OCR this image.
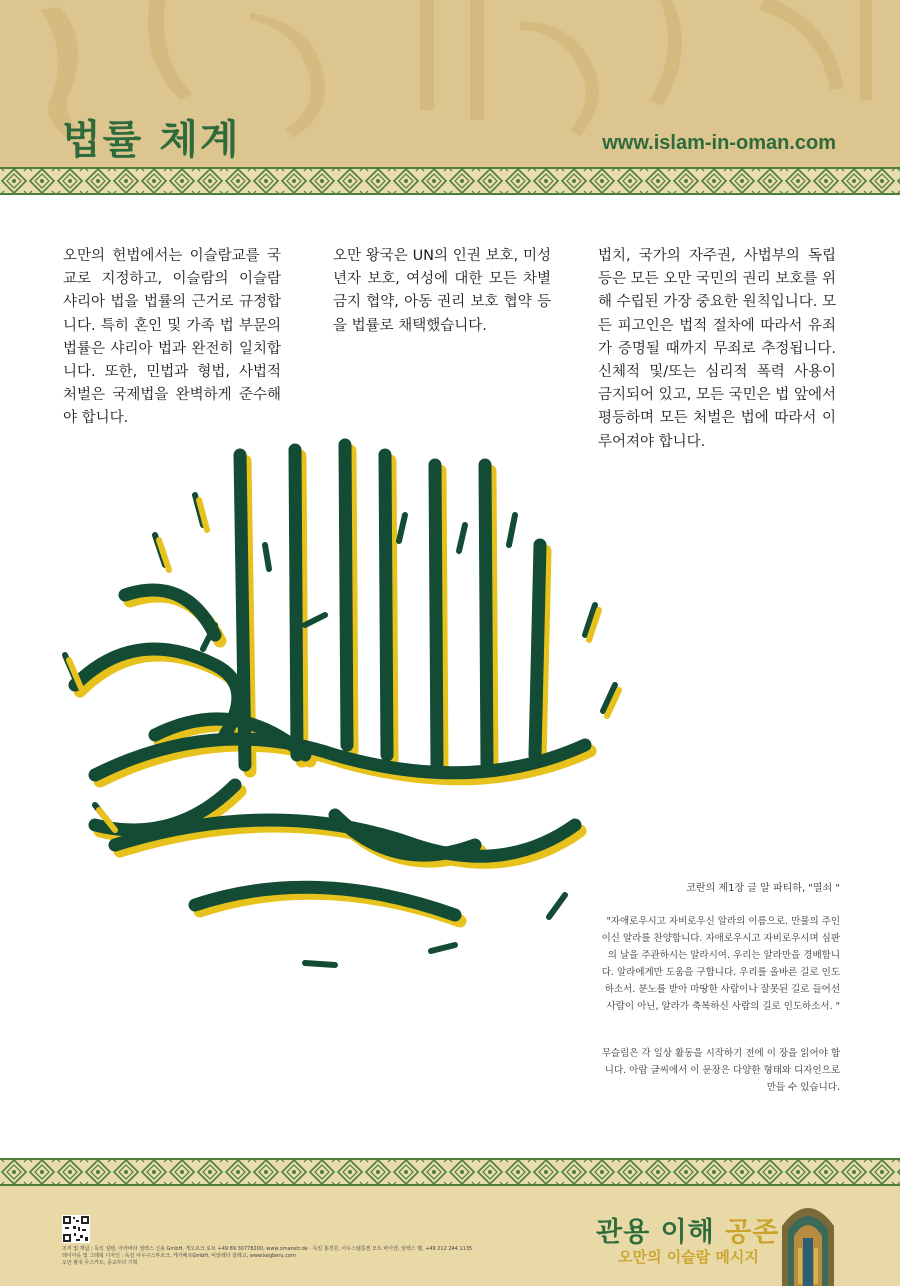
법률 체계	www.islam-in-oman.com

오만의 헌법에서는 이슬람교를 국교로 지정하고, 이슬람의 이슬람 샤리아 법을 법률의 근거로 규정합니다. 특히 혼인 및 가족 법 부문의 법률은 샤리아 법과 완전히 일치합니다. 또한, 민법과 형법, 사법적 처벌은 국제법을 완벽하게 준수해야 합니다.

오만 왕국은 UN의 인권 보호, 미성년자 보호, 여성에 대한 모든 차별 금지 협약, 아동 권리 보호 협약 등을 법률로 채택했습니다.

법치, 국가의 자주권, 사법부의 독립 등은 모든 오만 국민의 권리 보호를 위해 수립된 가장 중요한 원칙입니다. 모든 피고인은 법적 절차에 따라서 유죄가 증명될 때까지 무죄로 추정됩니다. 신체적 및/또는 심리적 폭력 사용이 금지되어 있고, 모든 국민은 법 앞에서 평등하며 모든 처벌은 법에 따라서 이루어져야 합니다.

코란의 제1장 글 알 파티하, "열쇠 "

"자애로우시고 자비로우신 알라의 이름으로. 만물의 주인이신 알라를 찬양합니다. 자애로우시고 자비로우시며 심판의 날을 주관하시는 알라시여. 우리는 알라만을 경배합니다. 알라에게만 도움을 구합니다. 우리를 올바른 길로 인도하소서. 분노를 받아 마땅한 사람이나 잘못된 길로 들어선 사람이 아닌, 알라가 축복하신 사람의 길로 인도하소서. "

무슬림은 각 일상 활동을 시작하기 전에 이 장을 읽어야 합니다. 아랍 글씨에서 이 문장은 다양한 형태와 디자인으로 만들 수 있습니다.

조직 및 개념 : 독일 설텐, 아라바라 셀렉스 신용 GmbH, 게오르크 로브 +49 89 30778200, www.omanstr.de · 독일 홍경원, 아우스텔룽겐 모트 바이엔, 알렉스 헬, +49 212 244 1135
레이아웃 및 그래픽 디자인 : 독일 아우구스부르크, 케거베르GmbH, 비알레타 갈레고, www.kegberu.com
오만 왕국 무스카트, 종교부의 기획

관용 이해 공존

오만의 이슬람 메시지
